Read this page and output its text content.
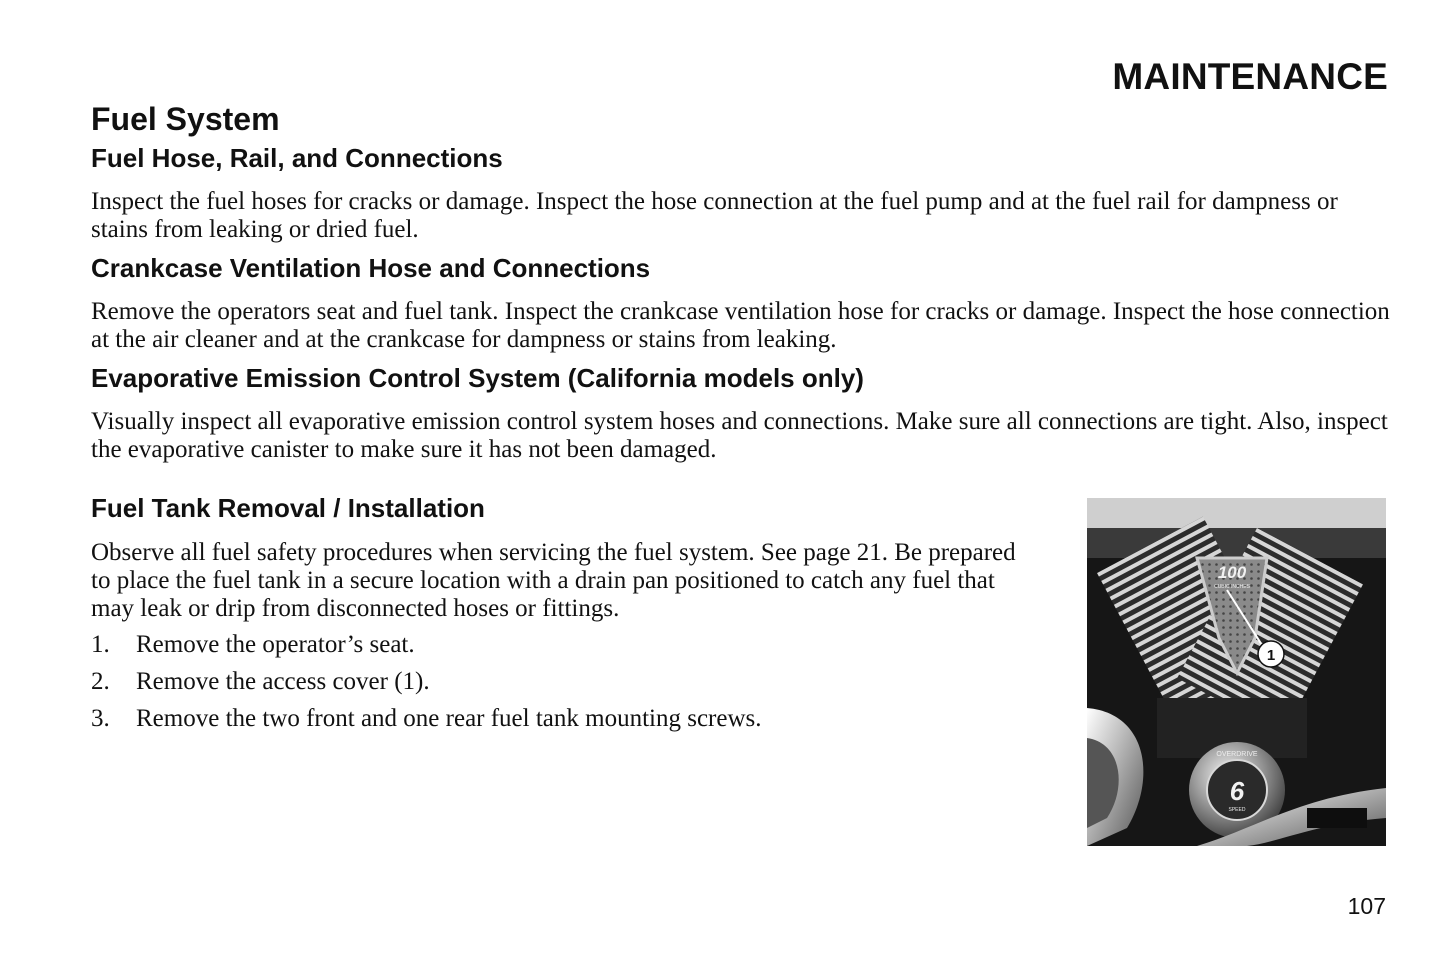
MAINTENANCE
Fuel System
Fuel Hose, Rail, and Connections

Inspect the fuel hoses for cracks or damage. Inspect the hose connection at the fuel pump and at the fuel rail for dampness or stains from leaking or dried fuel.

Crankcase Ventilation Hose and Connections

Remove the operators seat and fuel tank. Inspect the crankcase ventilation hose for cracks or damage. Inspect the hose connection at the air cleaner and at the crankcase for dampness or stains from leaking.

Evaporative Emission Control System (California models only)

Visually inspect all evaporative emission control system hoses and connections. Make sure all connections are tight. Also, inspect the evaporative canister to make sure it has not been damaged.

Fuel Tank Removal / Installation

Observe all fuel safety procedures when servicing the fuel system. See page 21. Be prepared to place the fuel tank in a secure location with a drain pan positioned to catch any fuel that may leak or drip from disconnected hoses or fittings.

1.	Remove the operator’s seat.
2.	Remove the access cover (1).
3.	Remove the two front and one rear fuel tank mounting screws.
100
CUBIC INCHES
OVERDRIVE
6
SPEED
1

107
